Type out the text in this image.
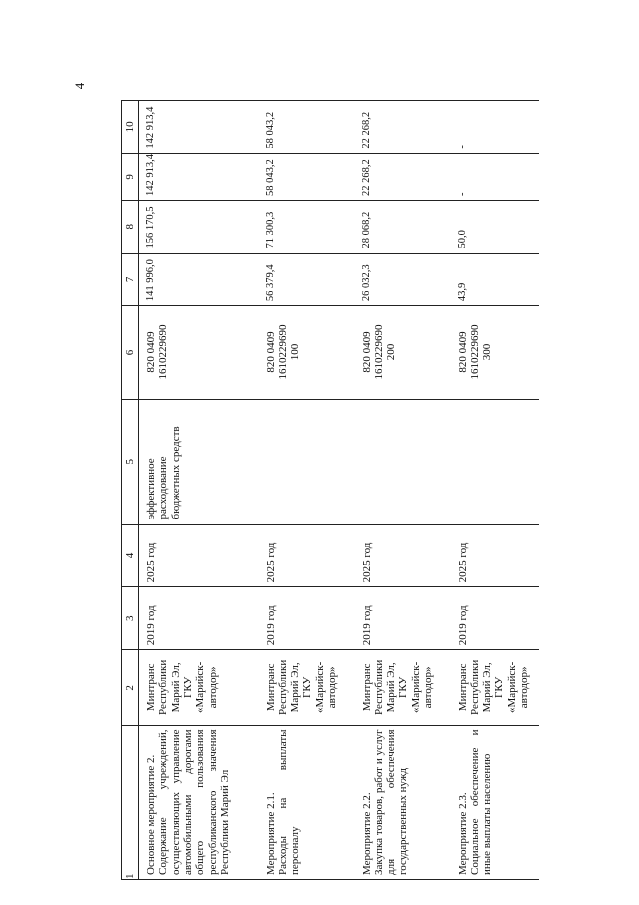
4
1	2	3	4	5	6	7	8	9	10

Основное мероприятие 2. Содержание учреждений, осуществляющих управление автомобильными дорогами общего пользования республиканского значения Республики Марий Эл	Минтранс Республики Марий Эл, ГКУ «Марийск-автодор»	2019 год	2025 год	эффективное расходование бюджетных средств	820 0409 1610229690	141 996,0	156 170,5	142 913,4	142 913,4

Мероприятие 2.1. Расходы на выплаты персоналу	Минтранс Республики Марий Эл, ГКУ «Марийск-автодор»	2019 год	2025 год		820 0409 1610229690 100	56 379,4	71 300,3	58 043,2	58 043,2

Мероприятие 2.2. Закупка товаров, работ и услуг для обеспечения государственных нужд	Минтранс Республики Марий Эл, ГКУ «Марийск-автодор»	2019 год	2025 год		820 0409 1610229690 200	26 032,3	28 068,2	22 268,2	22 268,2

Мероприятие 2.3. Социальное обеспечение и иные выплаты населению	Минтранс Республики Марий Эл, ГКУ «Марийск-автодор»	2019 год	2025 год		820 0409 1610229690 300	43,9	50,0	-	-
